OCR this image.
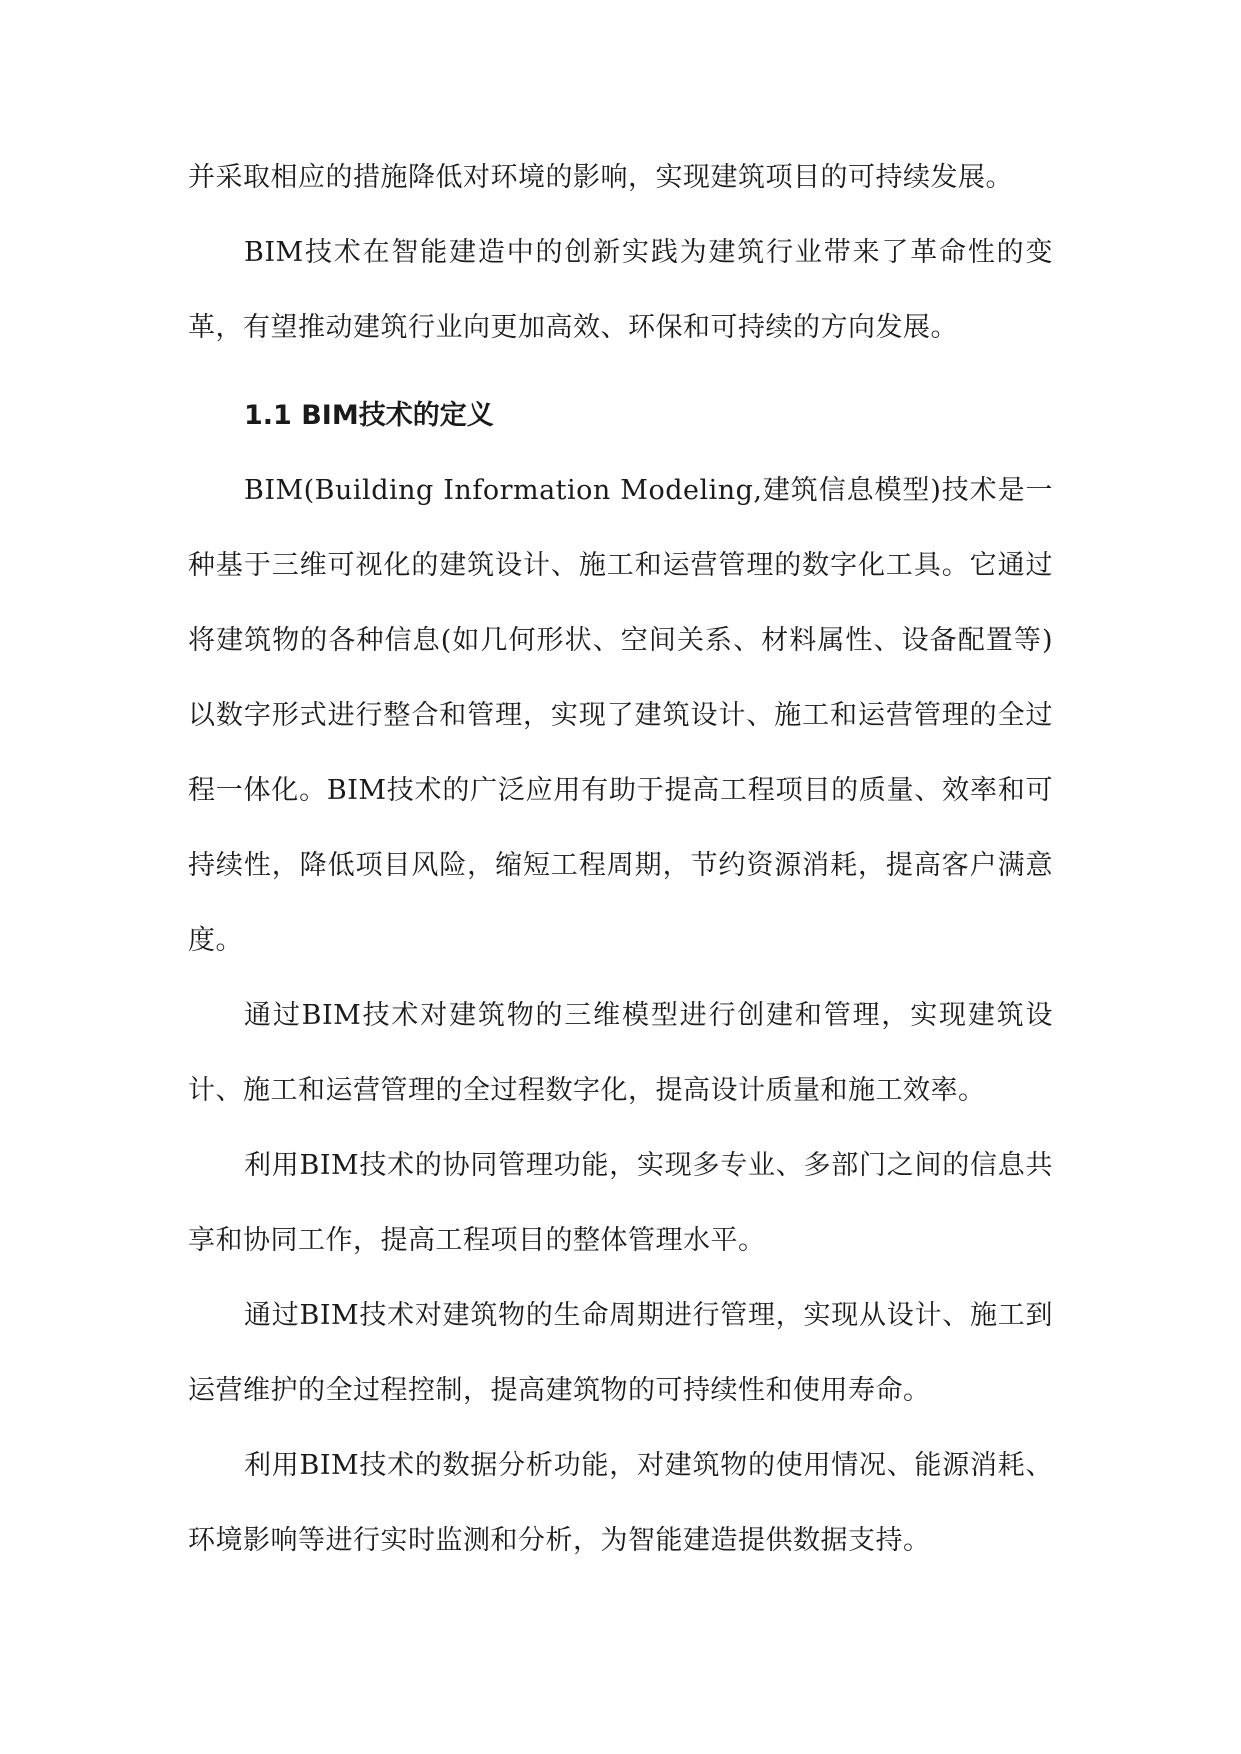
并采取相应的措施降低对环境的影响，实现建筑项目的可持续发展。

BIM技术在智能建造中的创新实践为建筑行业带来了革命性的变革，有望推动建筑行业向更加高效、环保和可持续的方向发展。

1.1 BIM技术的定义

BIM(Building Information Modeling,建筑信息模型)技术是一种基于三维可视化的建筑设计、施工和运营管理的数字化工具。它通过将建筑物的各种信息(如几何形状、空间关系、材料属性、设备配置等)以数字形式进行整合和管理，实现了建筑设计、施工和运营管理的全过程一体化。BIM技术的广泛应用有助于提高工程项目的质量、效率和可持续性，降低项目风险，缩短工程周期，节约资源消耗，提高客户满意度。

通过BIM技术对建筑物的三维模型进行创建和管理，实现建筑设计、施工和运营管理的全过程数字化，提高设计质量和施工效率。

利用BIM技术的协同管理功能，实现多专业、多部门之间的信息共享和协同工作，提高工程项目的整体管理水平。

通过BIM技术对建筑物的生命周期进行管理，实现从设计、施工到运营维护的全过程控制，提高建筑物的可持续性和使用寿命。

利用BIM技术的数据分析功能，对建筑物的使用情况、能源消耗、环境影响等进行实时监测和分析，为智能建造提供数据支持。
